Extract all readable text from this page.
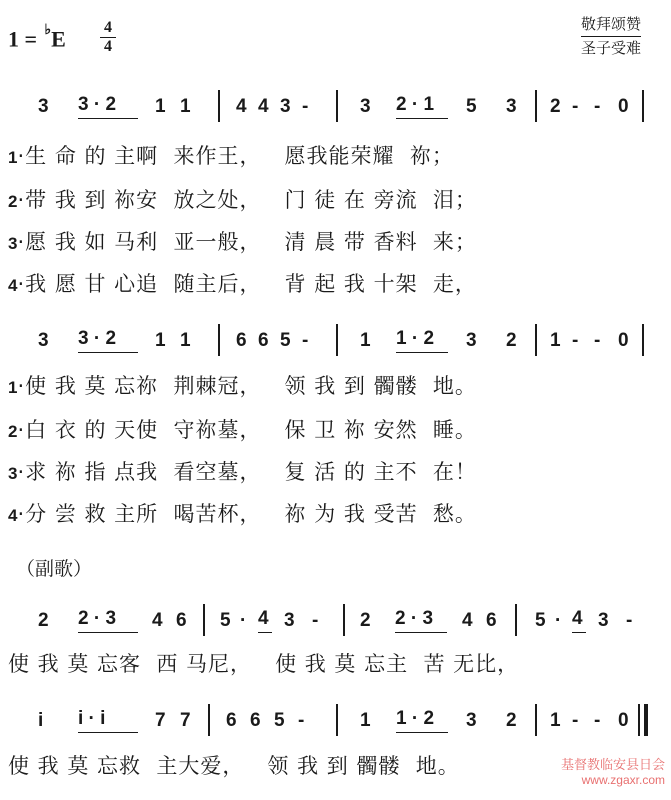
1 = ♭E 4
4
敬拜颂赞
圣子受难
3 3 · 2	1 1 4 4 3 -	3 2 · 1	5 3 2 - - 0
1·生 命 的 主啊  来作王，   愿我能荣耀  祢；
2·带 我 到 祢安  放之处，   门 徒 在 旁流  泪；
3·愿 我 如 马利  亚一般，   清 晨 带 香料  来；
4·我 愿 甘 心追  随主后，   背 起 我 十架  走，
3 3 · 2	1 1 6 6 5 -	1 1 · 2	3 2 1 - - 0
1·使 我 莫 忘祢  荆棘冠，   领 我 到 髑髅  地。
2·白 衣 的 天使  守祢墓，   保 卫 祢 安然  睡。
3·求 祢 指 点我  看空墓，   复 活 的 主不  在！
4·分 尝 救 主所  喝苦杯，   祢 为 我 受苦  愁。
（副歌）
2 2 · 3	4 6 5 · 4 3 - 2 2 · 3	4 6 5 · 4 3 -
使 我 莫 忘客  西 马尼，   使 我 莫 忘主  苦 无比，
i i · i	7 7 6 6 5 -	1 1 · 2	3 2 1 - - 0
使 我 莫 忘救  主大爱，   领 我 到 髑髅  地。	基督教临安县日会
www.zgaxr.com
